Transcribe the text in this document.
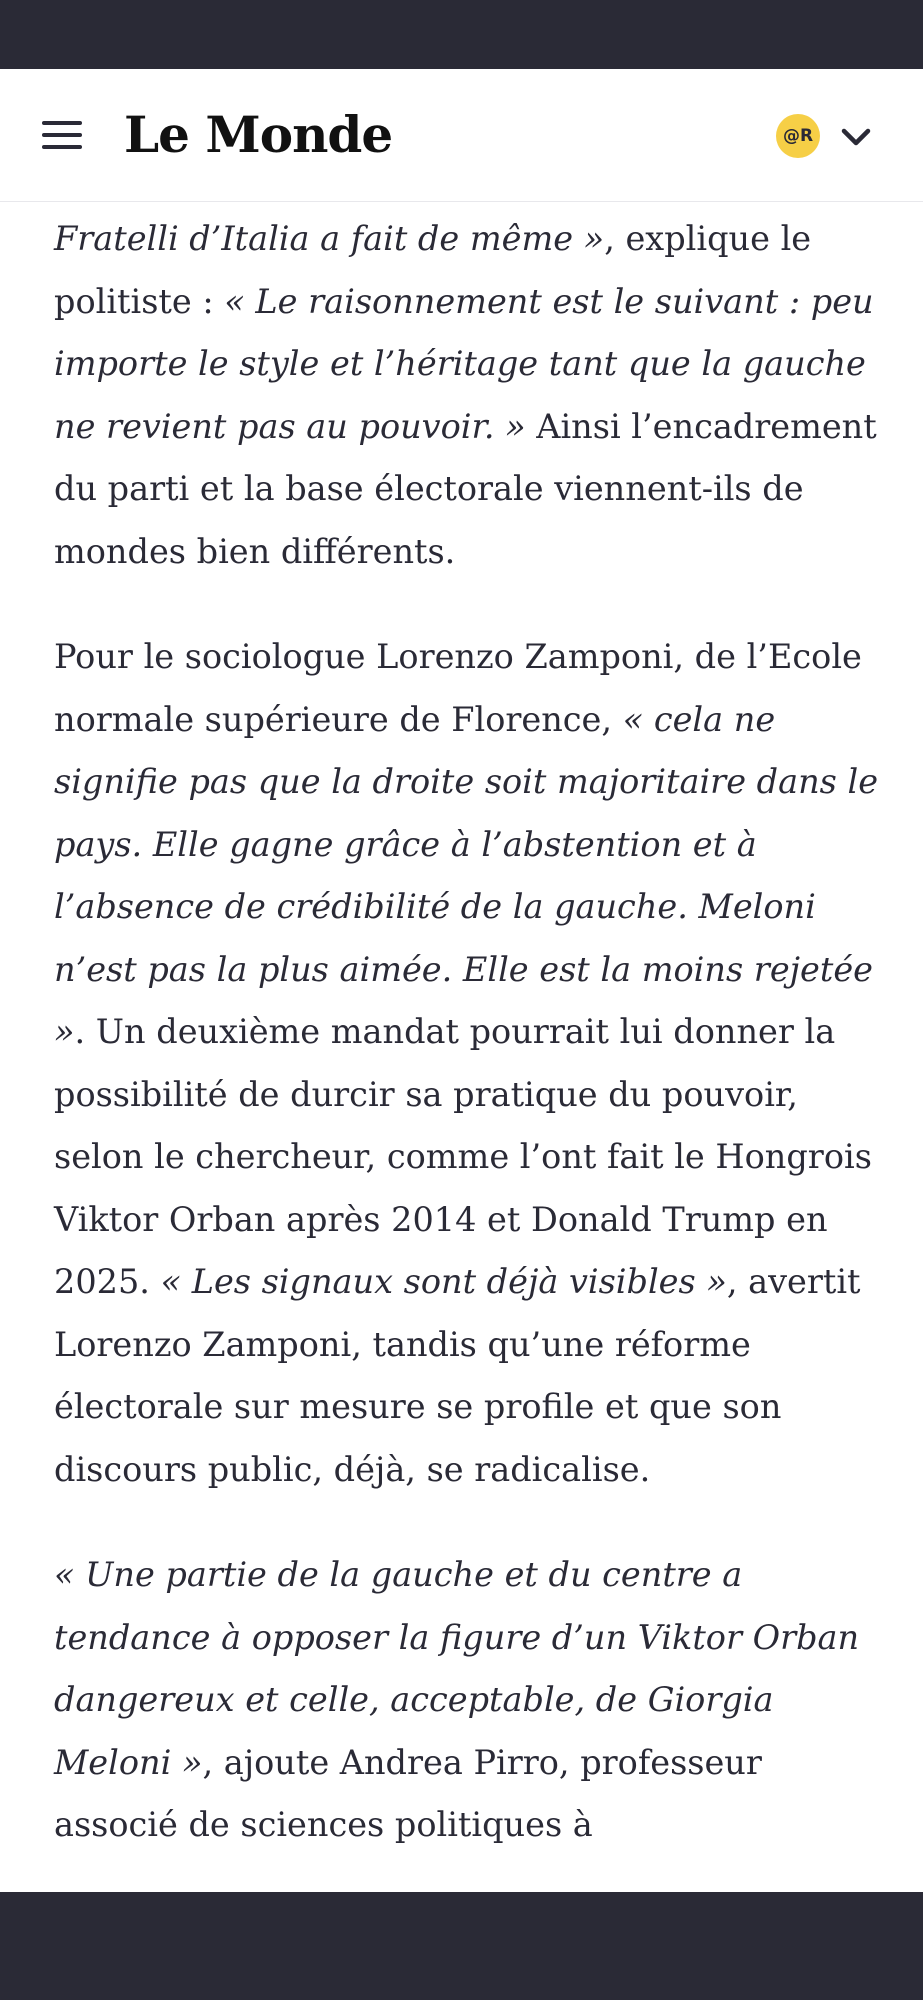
Le Monde	@R

Fratelli d’Italia a fait de même », explique le politiste : « Le raisonnement est le suivant : peu importe le style et l’héritage tant que la gauche ne revient pas au pouvoir. » Ainsi l’encadrement du parti et la base électorale viennent-ils de mondes bien différents.

Pour le sociologue Lorenzo Zamponi, de l’Ecole normale supérieure de Florence, « cela ne signifie pas que la droite soit majoritaire dans le pays. Elle gagne grâce à l’abstention et à l’absence de crédibilité de la gauche. Meloni n’est pas la plus aimée. Elle est la moins rejetée ». Un deuxième mandat pourrait lui donner la possibilité de durcir sa pratique du pouvoir, selon le chercheur, comme l’ont fait le Hongrois Viktor Orban après 2014 et Donald Trump en 2025. « Les signaux sont déjà visibles », avertit Lorenzo Zamponi, tandis qu’une réforme électorale sur mesure se profile et que son discours public, déjà, se radicalise.

« Une partie de la gauche et du centre a tendance à opposer la figure d’un Viktor Orban dangereux et celle, acceptable, de Giorgia Meloni », ajoute Andrea Pirro, professeur associé de sciences politiques à
